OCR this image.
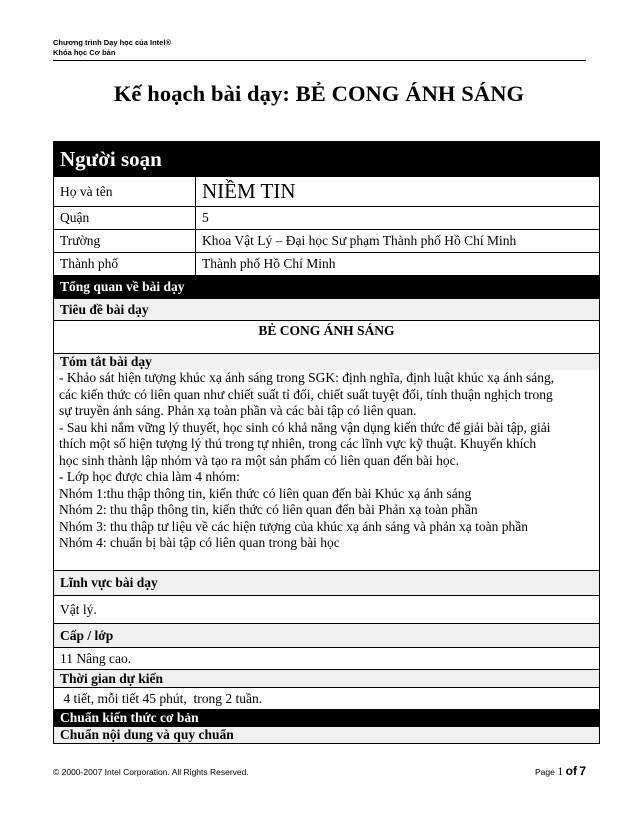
Chương trình Dạy học của Intel®
Khóa học Cơ bản
Kế hoạch bài dạy: BẺ CONG ÁNH SÁNG
Người soạn
Họ và tên	NIỀM TIN
Quận	5
Trường	Khoa Vật Lý – Đại học Sư phạm Thành phố Hồ Chí Minh
Thành phố	Thành phố Hồ Chí Minh
Tổng quan về bài dạy
Tiêu đề bài dạy
BẺ CONG ÁNH SÁNG
Tóm tắt bài dạy
- Khảo sát hiện tượng khúc xạ ánh sáng trong SGK: định nghĩa, định luật khúc xạ ánh sáng,
các kiến thức có liên quan như chiết suất tỉ đối, chiết suất tuyệt đối, tính thuận nghịch trong
sự truyền ánh sáng. Phản xạ toàn phần và các bài tập có liên quan.
- Sau khi nắm vững lý thuyết, học sinh có khả năng vận dụng kiến thức để giải bài tập, giải
thích một số hiện tượng lý thú trong tự nhiên, trong các lĩnh vực kỹ thuật. Khuyến khích
học sinh thành lập nhóm và tạo ra một sản phẩm có liên quan đến bài học.
- Lớp học được chia làm 4 nhóm:
Nhóm 1:thu thập thông tin, kiến thức có liên quan đến bài Khúc xạ ánh sáng
Nhóm 2: thu thập thông tin, kiến thức có liên quan đến bài Phản xạ toàn phần
Nhóm 3: thu thập tư liệu về các hiện tượng của khúc xạ ánh sáng và phản xạ toàn phần
Nhóm 4: chuẩn bị bài tập có liên quan trong bài học
Lĩnh vực bài dạy
Vật lý.
Cấp / lớp
11 Nâng cao.
Thời gian dự kiến
4 tiết, mỗi tiết 45 phút,  trong 2 tuần.
Chuẩn kiến thức cơ bản
Chuẩn nội dung và quy chuẩn
© 2000-2007 Intel Corporation. All Rights Reserved.	Page 1 of 7
